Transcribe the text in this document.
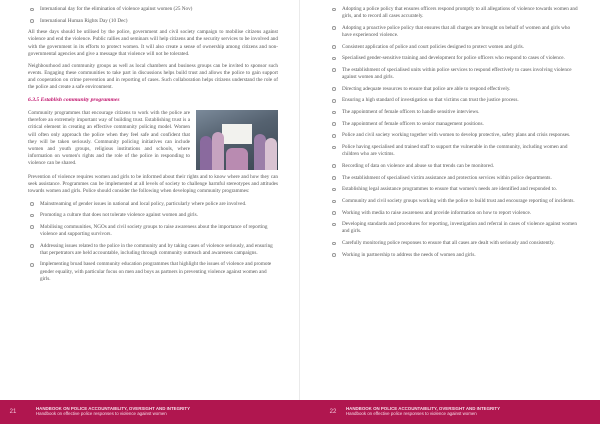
International day for the elimination of violence against women (25 Nov)
International Human Rights Day (10 Dec)

All these days should be utilised by the police, government and civil society campaign to mobilise citizens against violence and end the violence. Public rallies and seminars will help citizens and the security services to be involved and with the government in its efforts to protect women. It will also create a sense of ownership among citizens and non-governmental agencies and give a message that violence will not be tolerated.

Neighbourhood and community groups as well as local chambers and business groups can be invited to sponsor such events. Engaging these communities to take part in discussions helps build trust and allows the police to gain support and cooperation on crime prevention and in reporting of cases. Such collaboration helps citizens understand the role of the police and create a safe environment.

6.3.5 Establish community programmes

Community programmes that encourage citizens to work with the police are therefore an extremely important way of building trust. Establishing trust is a critical element in creating an effective community policing model. Women will often only approach the police when they feel safe and confident that they will be taken seriously. Community policing initiatives can include women and youth groups, religious institutions and schools, where information on women's rights and the role of the police in responding to violence can be shared.

Prevention of violence requires women and girls to be informed about their rights and to know where and how they can seek assistance. Programmes can be implemented at all levels of society to challenge harmful stereotypes and attitudes towards women and girls. Police should consider the following when developing community programmes:

Mainstreaming of gender issues in national and local policy, particularly where police are involved.
Promoting a culture that does not tolerate violence against women and girls.
Mobilising communities, NGOs and civil society groups to raise awareness about the importance of reporting violence and supporting survivors.
Addressing issues related to the police in the community and by taking cases of violence seriously, and ensuring that perpetrators are held accountable, including through community outreach and awareness campaigns.
Implementing broad based community education programmes that highlight the issues of violence and promote gender equality, with particular focus on men and boys as partners in preventing violence against women and girls.
Adopting a police policy that ensures officers respond promptly to all allegations of violence towards women and girls, and to record all cases accurately.
Adopting a proactive police policy that ensures that all charges are brought on behalf of women and girls who have experienced violence.
Consistent application of police and court policies designed to protect women and girls.
Specialised gender-sensitive training and development for police officers who respond to cases of violence.
The establishment of specialised units within police services to respond effectively to cases involving violence against women and girls.
Directing adequate resources to ensure that police are able to respond effectively.
Ensuring a high standard of investigation so that victims can trust the justice process.
The appointment of female officers to handle sensitive interviews.
The appointment of female officers to senior management positions.
Police and civil society working together with women to develop protective, safety plans and crisis responses.
Police having specialised and trained staff to support the vulnerable in the community, including women and children who are victims.
Recording of data on violence and abuse so that trends can be monitored.
The establishment of specialised victim assistance and protection services within police departments.
Establishing legal assistance programmes to ensure that women's needs are identified and responded to.
Community and civil society groups working with the police to build trust and encourage reporting of incidents.
Working with media to raise awareness and provide information on how to report violence.
Developing standards and procedures for reporting, investigation and referral in cases of violence against women and girls.
Carefully monitoring police responses to ensure that all cases are dealt with seriously and consistently.
Working in partnership to address the needs of women and girls.
21
HANDBOOK ON POLICE ACCOUNTABILITY, OVERSIGHT AND INTEGRITY
Handbook on effective police responses to violence against women	22
HANDBOOK ON POLICE ACCOUNTABILITY, OVERSIGHT AND INTEGRITY
Handbook on effective police responses to violence against women
